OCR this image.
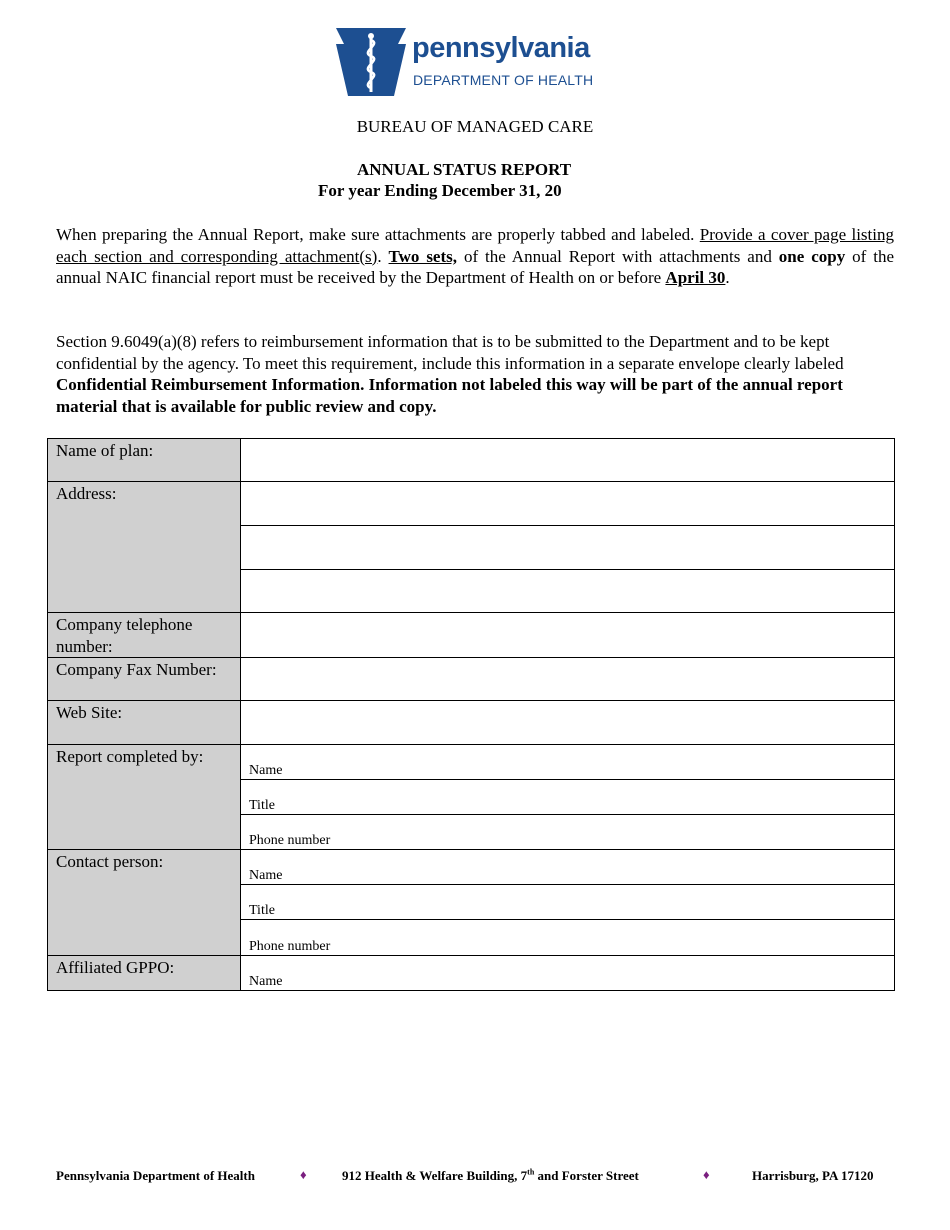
pennsylvania
DEPARTMENT OF HEALTH
BUREAU OF MANAGED CARE
ANNUAL STATUS REPORT
For year Ending December 31, 20
When preparing the Annual Report, make sure attachments are properly tabbed and labeled. Provide a cover page listing each section and corresponding attachment(s). Two sets, of the Annual Report with attachments and one copy of the annual NAIC financial report must be received by the Department of Health on or before April 30.
Section 9.6049(a)(8) refers to reimbursement information that is to be submitted to the Department and to be kept confidential by the agency. To meet this requirement, include this information in a separate envelope clearly labeled Confidential Reimbursement Information. Information not labeled this way will be part of the annual report material that is available for public review and copy.
Name of plan:	
Address:	

Company telephone number:	
Company Fax Number:	
Web Site:	
Report completed by:	Name

	Title

	Phone number

Contact person:	Name

	Title

	Phone number

Affiliated GPPO:	Name
Pennsylvania Department of Health	♦	912 Health & Welfare Building, 7th and Forster Street	♦	Harrisburg, PA 17120
